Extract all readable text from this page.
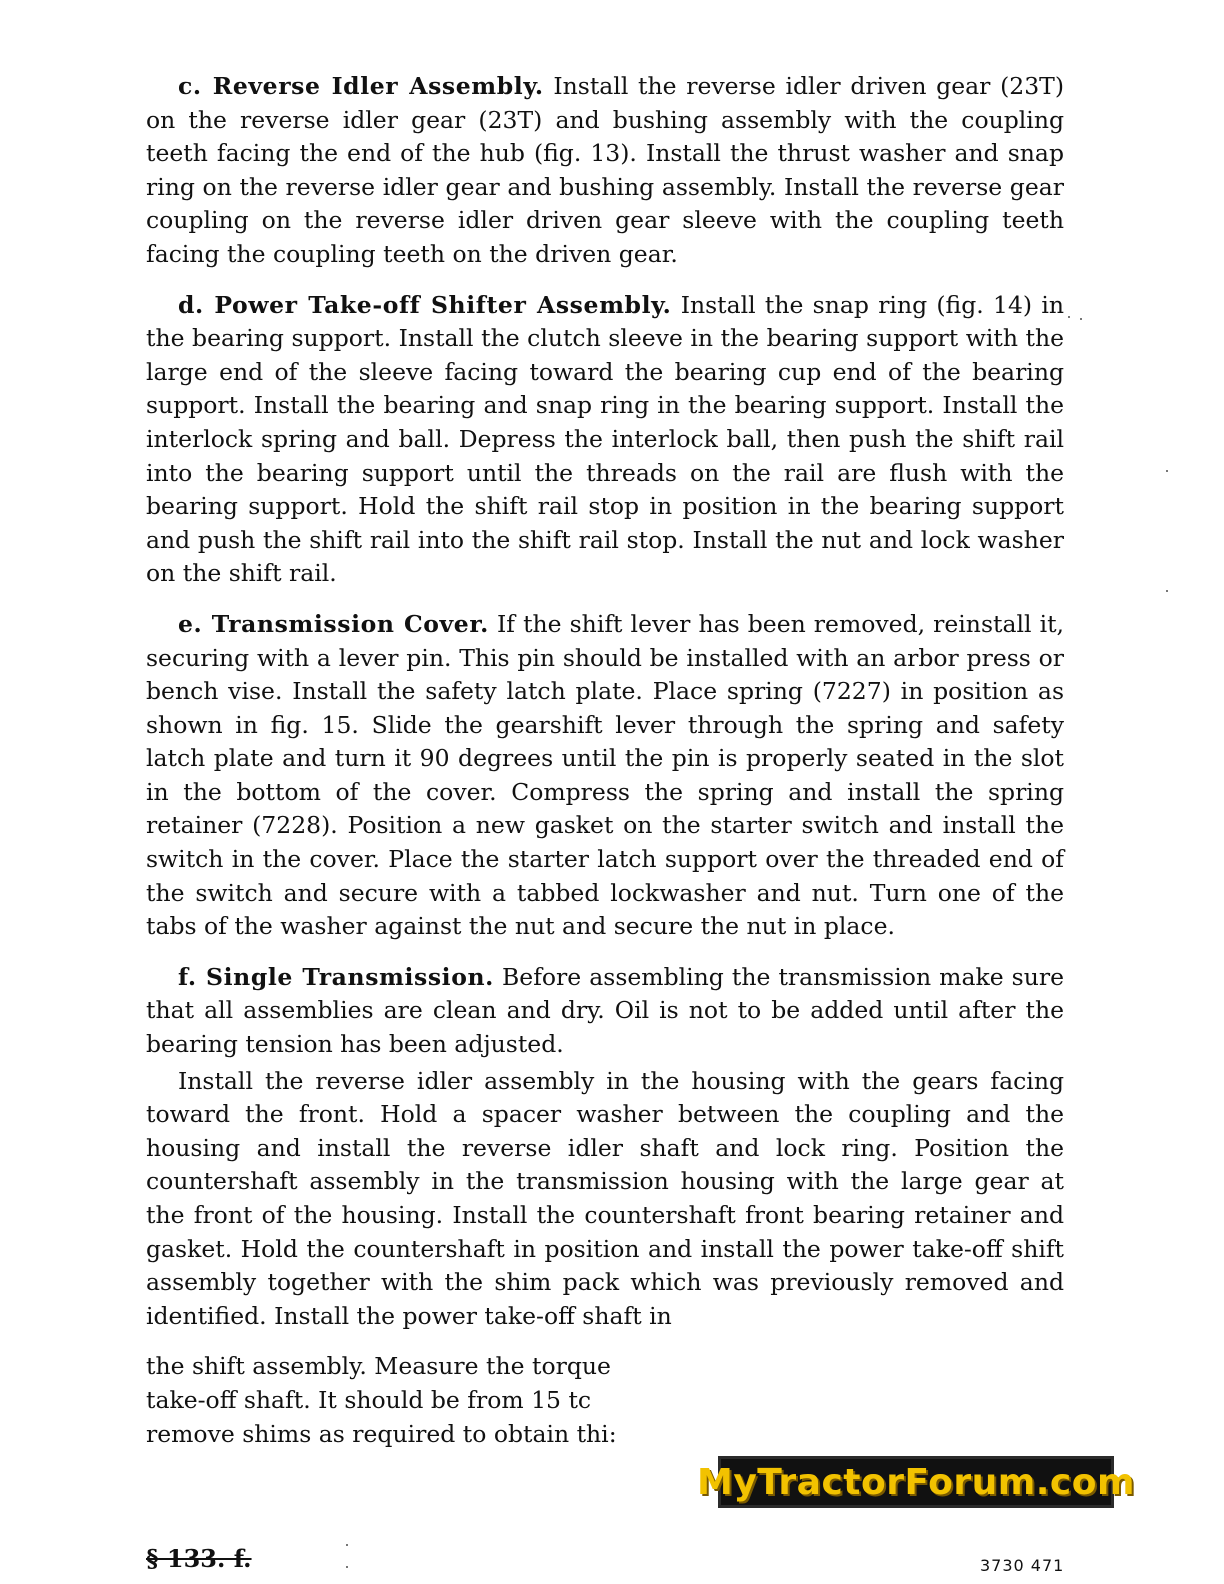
c. Reverse Idler Assembly. Install the reverse idler driven gear (23T) on the reverse idler gear (23T) and bushing assembly with the coupling teeth facing the end of the hub (fig. 13). Install the thrust washer and snap ring on the reverse idler gear and bushing assembly. Install the reverse gear coupling on the reverse idler driven gear sleeve with the coupling teeth facing the coupling teeth on the driven gear.

d. Power Take-off Shifter Assembly. Install the snap ring (fig. 14) in the bearing support. Install the clutch sleeve in the bearing support with the large end of the sleeve facing toward the bearing cup end of the bearing support. Install the bearing and snap ring in the bearing support. Install the interlock spring and ball. Depress the interlock ball, then push the shift rail into the bearing support until the threads on the rail are flush with the bearing support. Hold the shift rail stop in position in the bearing support and push the shift rail into the shift rail stop. Install the nut and lock washer on the shift rail.

e. Transmission Cover. If the shift lever has been removed, reinstall it, securing with a lever pin. This pin should be installed with an arbor press or bench vise. Install the safety latch plate. Place spring (7227) in position as shown in fig. 15. Slide the gearshift lever through the spring and safety latch plate and turn it 90 degrees until the pin is properly seated in the slot in the bottom of the cover. Compress the spring and install the spring retainer (7228). Position a new gasket on the starter switch and install the switch in the cover. Place the starter latch support over the threaded end of the switch and secure with a tabbed lockwasher and nut. Turn one of the tabs of the washer against the nut and secure the nut in place.

f. Single Transmission. Before assembling the transmission make sure that all assemblies are clean and dry. Oil is not to be added until after the bearing tension has been adjusted.

Install the reverse idler assembly in the housing with the gears facing toward the front. Hold a spacer washer between the coupling and the housing and install the reverse idler shaft and lock ring. Position the countershaft assembly in the transmission housing with the large gear at the front of the housing. Install the countershaft front bearing retainer and gasket. Hold the countershaft in position and install the power take-off shift assembly together with the shim pack which was previously removed and identified. Install the power take-off shaft in

the shift assembly. Measure the torque
take-off shaft. It should be from 15 tc
remove shims as required to obtain thi:
MyTractorForum.com
§ 133. f.	3730 471
